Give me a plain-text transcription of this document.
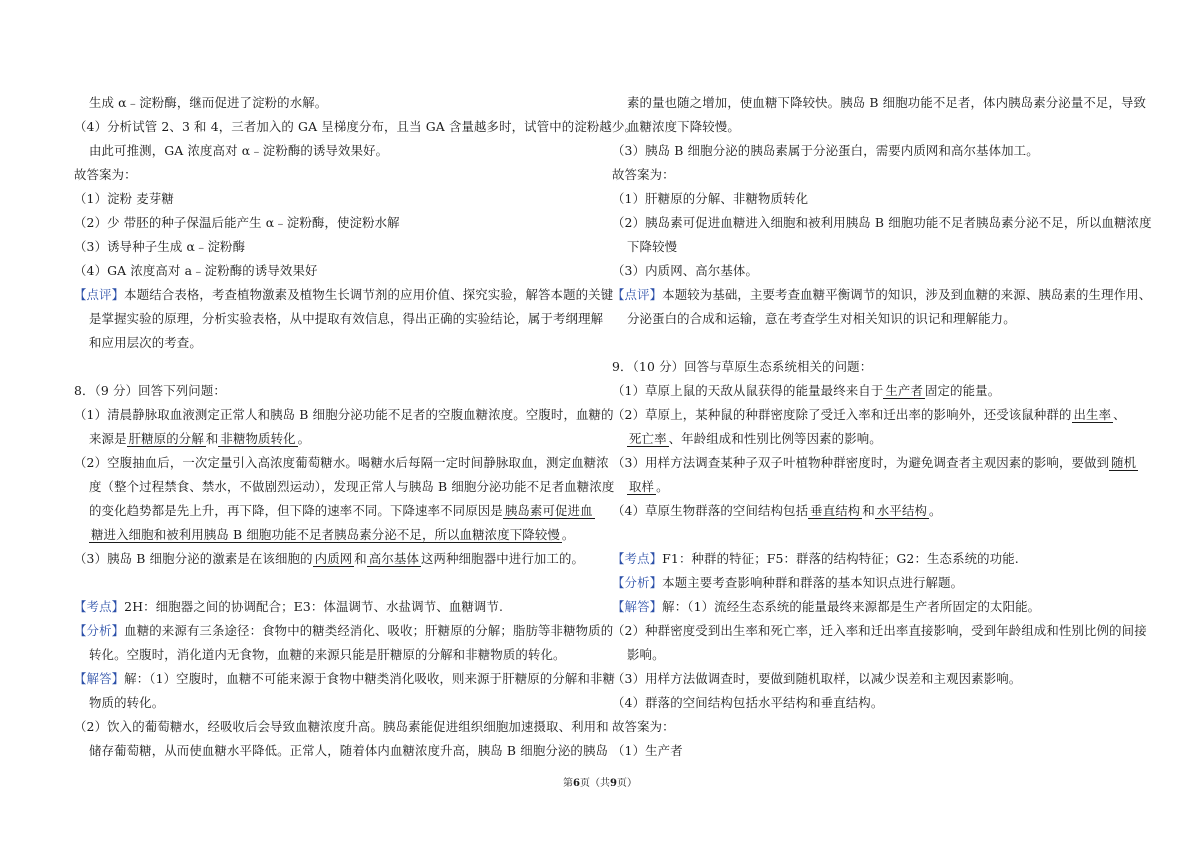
生成 α﹣淀粉酶，继而促进了淀粉的水解。
（4）分析试管 2、3 和 4，三者加入的 GA 呈梯度分布，且当 GA 含量越多时，试管中的淀粉越少。
由此可推测，GA 浓度高对 α﹣淀粉酶的诱导效果好。
故答案为：
（1）淀粉 麦芽糖
（2）少 带胚的种子保温后能产生 α﹣淀粉酶，使淀粉水解
（3）诱导种子生成 α﹣淀粉酶
（4）GA 浓度高对 a﹣淀粉酶的诱导效果好
【点评】本题结合表格，考查植物激素及植物生长调节剂的应用价值、探究实验，解答本题的关键
是掌握实验的原理，分析实验表格，从中提取有效信息，得出正确的实验结论，属于考纲理解
和应用层次的考查。
8．（9 分）回答下列问题：
（1）清晨静脉取血液测定正常人和胰岛 B 细胞分泌功能不足者的空腹血糖浓度。空腹时，血糖的
来源是肝糖原的分解和非糖物质转化。
（2）空腹抽血后，一次定量引入高浓度葡萄糖水。喝糖水后每隔一定时间静脉取血，测定血糖浓
度（整个过程禁食、禁水，不做剧烈运动），发现正常人与胰岛 B 细胞分泌功能不足者血糖浓度
的变化趋势都是先上升，再下降，但下降的速率不同。下降速率不同原因是胰岛素可促进血
糖进入细胞和被利用胰岛 B 细胞功能不足者胰岛素分泌不足，所以血糖浓度下降较慢。
（3）胰岛 B 细胞分泌的激素是在该细胞的内质网和高尔基体这两种细胞器中进行加工的。
【考点】2H：细胞器之间的协调配合；E3：体温调节、水盐调节、血糖调节.
【分析】血糖的来源有三条途径：食物中的糖类经消化、吸收；肝糖原的分解；脂肪等非糖物质的
转化。空腹时，消化道内无食物，血糖的来源只能是肝糖原的分解和非糖物质的转化。
【解答】解：（1）空腹时，血糖不可能来源于食物中糖类消化吸收，则来源于肝糖原的分解和非糖
物质的转化。
（2）饮入的葡萄糖水，经吸收后会导致血糖浓度升高。胰岛素能促进组织细胞加速摄取、利用和
储存葡萄糖，从而使血糖水平降低。正常人，随着体内血糖浓度升高，胰岛 B 细胞分泌的胰岛
素的量也随之增加，使血糖下降较快。胰岛 B 细胞功能不足者，体内胰岛素分泌量不足，导致
血糖浓度下降较慢。
（3）胰岛 B 细胞分泌的胰岛素属于分泌蛋白，需要内质网和高尔基体加工。
故答案为：
（1）肝糖原的分解、非糖物质转化
（2）胰岛素可促进血糖进入细胞和被利用胰岛 B 细胞功能不足者胰岛素分泌不足，所以血糖浓度
下降较慢
（3）内质网、高尔基体。
【点评】本题较为基础，主要考查血糖平衡调节的知识，涉及到血糖的来源、胰岛素的生理作用、
分泌蛋白的合成和运输，意在考查学生对相关知识的识记和理解能力。
9．（10 分）回答与草原生态系统相关的问题：
（1）草原上鼠的天敌从鼠获得的能量最终来自于生产者固定的能量。
（2）草原上，某种鼠的种群密度除了受迁入率和迁出率的影响外，还受该鼠种群的出生率、
死亡率、年龄组成和性别比例等因素的影响。
（3）用样方法调查某种子双子叶植物种群密度时，为避免调查者主观因素的影响，要做到随机
取样。
（4）草原生物群落的空间结构包括垂直结构和水平结构。
【考点】F1：种群的特征；F5：群落的结构特征；G2：生态系统的功能.
【分析】本题主要考查影响种群和群落的基本知识点进行解题。
【解答】解：（1）流经生态系统的能量最终来源都是生产者所固定的太阳能。
（2）种群密度受到出生率和死亡率，迁入率和迁出率直接影响，受到年龄组成和性别比例的间接
影响。
（3）用样方法做调查时，要做到随机取样，以减少误差和主观因素影响。
（4）群落的空间结构包括水平结构和垂直结构。
故答案为：
（1）生产者
第6页（共9页）
